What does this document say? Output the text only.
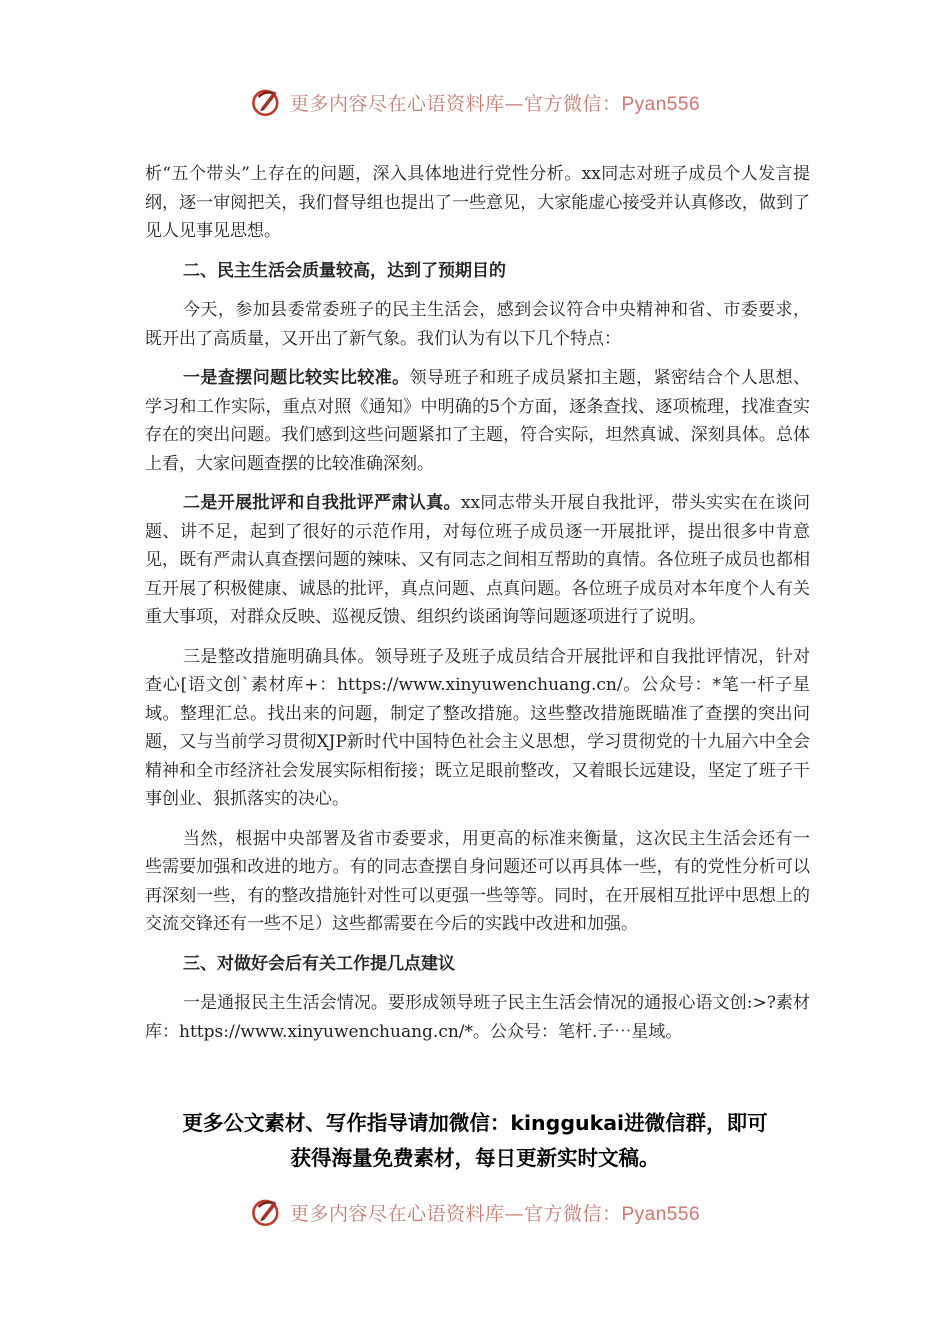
更多内容尽在心语资料库—官方微信：Pyan556

析“五个带头”上存在的问题，深入具体地进行党性分析。xx同志对班子成员个人发言提纲，逐一审阅把关，我们督导组也提出了一些意见，大家能虚心接受并认真修改，做到了见人见事见思想。

二、民主生活会质量较高，达到了预期目的

今天，参加县委常委班子的民主生活会，感到会议符合中央精神和省、市委要求，既开出了高质量，又开出了新气象。我们认为有以下几个特点：

一是查摆问题比较实比较准。领导班子和班子成员紧扣主题，紧密结合个人思想、学习和工作实际，重点对照《通知》中明确的5个方面，逐条查找、逐项梳理，找准查实存在的突出问题。我们感到这些问题紧扣了主题，符合实际，坦然真诚、深刻具体。总体上看，大家问题查摆的比较准确深刻。

二是开展批评和自我批评严肃认真。xx同志带头开展自我批评，带头实实在在谈问题、讲不足，起到了很好的示范作用，对每位班子成员逐一开展批评，提出很多中肯意见，既有严肃认真查摆问题的辣味、又有同志之间相互帮助的真情。各位班子成员也都相互开展了积极健康、诚恳的批评，真点问题、点真问题。各位班子成员对本年度个人有关重大事项，对群众反映、巡视反馈、组织约谈函询等问题逐项进行了说明。

三是整改措施明确具体。领导班子及班子成员结合开展批评和自我批评情况，针对查心[语文创`素材库+：https://www.xinyuwenchuang.cn/。公众号：*笔一杆子星域。整理汇总。找出来的问题，制定了整改措施。这些整改措施既瞄准了查摆的突出问题，又与当前学习贯彻XJP新时代中国特色社会主义思想，学习贯彻党的十九届六中全会精神和全市经济社会发展实际相衔接；既立足眼前整改，又着眼长远建设，坚定了班子干事创业、狠抓落实的决心。

当然，根据中央部署及省市委要求，用更高的标准来衡量，这次民主生活会还有一些需要加强和改进的地方。有的同志查摆自身问题还可以再具体一些，有的党性分析可以再深刻一些，有的整改措施针对性可以更强一些等等。同时，在开展相互批评中思想上的交流交锋还有一些不足）这些都需要在今后的实践中改进和加强。

三、对做好会后有关工作提几点建议

一是通报民主生活会情况。要形成领导班子民主生活会情况的通报心语文创:>?素材库：https://www.xinyuwenchuang.cn/*。公众号：笔杆.子⋯星域。

更多公文素材、写作指导请加微信：kinggukai进微信群，即可
获得海量免费素材，每日更新实时文稿。
更多内容尽在心语资料库—官方微信：Pyan556
